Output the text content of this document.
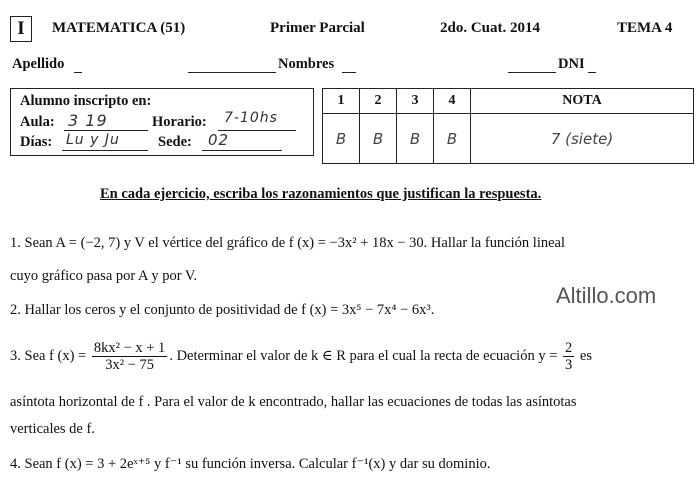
I	MATEMATICA (51)	Primer Parcial	2do. Cuat. 2014	TEMA 4
Apellido	Nombres	DNI
Alumno inscripto en:
Aula: 3 19	Horario: 7-10hs
Días: Lu y Ju	Sede: 02
1	2	3	4	NOTA
B	B	B	B	7 (siete)
En cada ejercicio, escriba los razonamientos que justifican la respuesta.
1. Sean A = (−2, 7) y V el vértice del gráfico de f (x) = −3x² + 18x − 30. Hallar la función lineal
cuyo gráfico pasa por A y por V.
Altillo.com
2. Hallar los ceros y el conjunto de positividad de f (x) = 3x⁵ − 7x⁴ − 6x³.
3. Sea f $(x) = \frac{\text{8kx² − x + 1}}{\text{3x² − 75}}$ . Determinar el valor de k ∈ R para el cual la recta de ecuación $y = \frac{2}{3}$ es
asíntota horizontal de f . Para el valor de k encontrado, hallar las ecuaciones de todas las asíntotas
verticales de f.
4. Sean f (x) = 3 + 2eˣ⁺⁵ y f⁻¹ su función inversa. Calcular f⁻¹(x) y dar su dominio.
